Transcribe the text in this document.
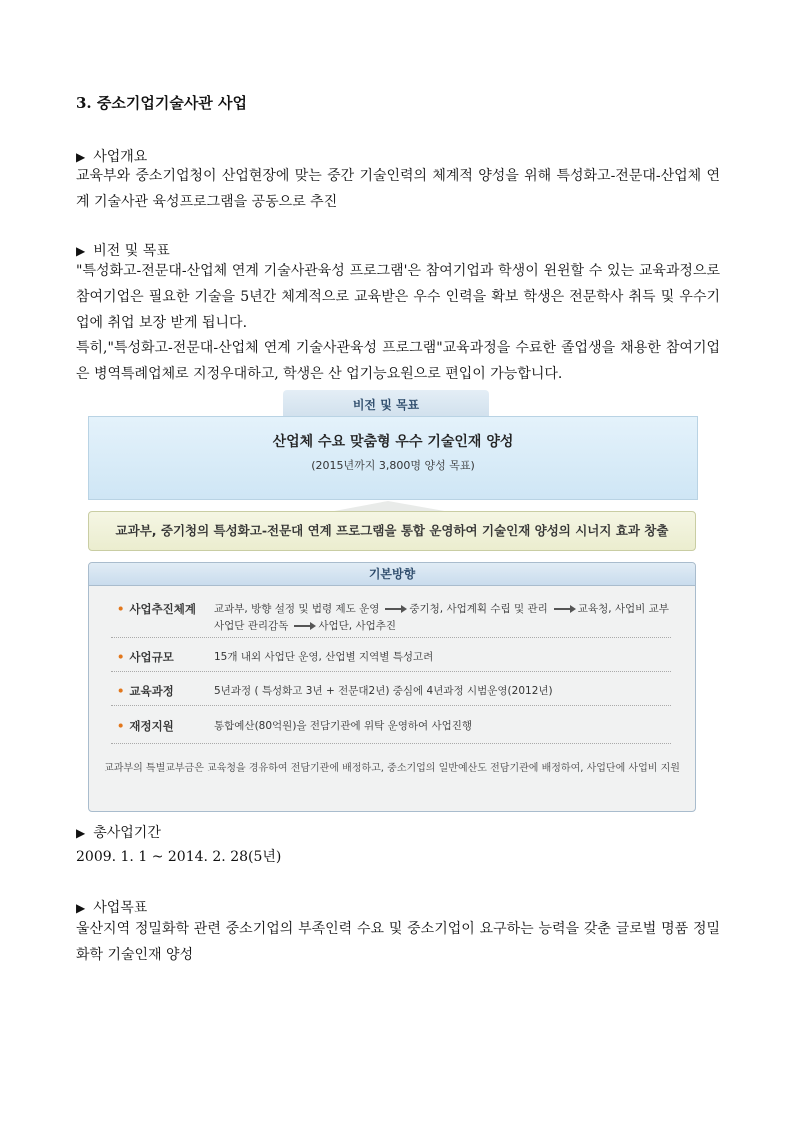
3. 중소기업기술사관 사업
▶ 사업개요
교육부와 중소기업청이 산업현장에 맞는 중간 기술인력의 체계적 양성을 위해 특성화고-전문대-산업체 연계 기술사관 육성프로그램을 공동으로 추진
▶ 비전 및 목표
"특성화고-전문대-산업체 연계 기술사관육성 프로그램'은 참여기업과 학생이 윈윈할 수 있는 교육과정으로 참여기업은 필요한 기술을 5년간 체계적으로 교육받은 우수 인력을 확보 학생은 전문학사 취득 및 우수기업에 취업 보장 받게 됩니다.
특히,"특성화고-전문대-산업체 연계 기술사관육성 프로그램"교육과정을 수료한 졸업생을 채용한 참여기업은 병역특례업체로 지정우대하고, 학생은 산 업기능요원으로 편입이 가능합니다.
▶ 총사업기간
2009. 1. 1 ~ 2014. 2. 28(5년)
▶ 사업목표
울산지역 정밀화학 관련 중소기업의 부족인력 수요 및 중소기업이 요구하는 능력을 갖춘 글로벌 명품 정밀화학 기술인재 양성
비전 및 목표
산업체 수요 맞춤형 우수 기술인재 양성
(2015년까지 3,800명 양성 목표)
교과부, 중기청의 특성화고-전문대 연계 프로그램을 통합 운영하여 기술인재 양성의 시너지 효과 창출
기본방향
• 사업추진체계 교과부, 방향 설정 및 법령 제도 운영	중기청, 사업계획 수립 및 관리	교육청, 사업비 교부
사업단 관리감독	사업단, 사업추진
• 사업규모	15개 내외 사업단 운영, 산업별 지역별 특성고려
• 교육과정	5년과정 ( 특성화고 3년 + 전문대2년) 중심에 4년과정 시범운영(2012년)
• 재정지원	통합예산(80억원)을 전담기관에 위탁 운영하여 사업진행
교과부의 특별교부금은 교육청을 경유하여 전담기관에 배정하고, 중소기업의 일반예산도 전담기관에 배정하여, 사업단에 사업비 지원
